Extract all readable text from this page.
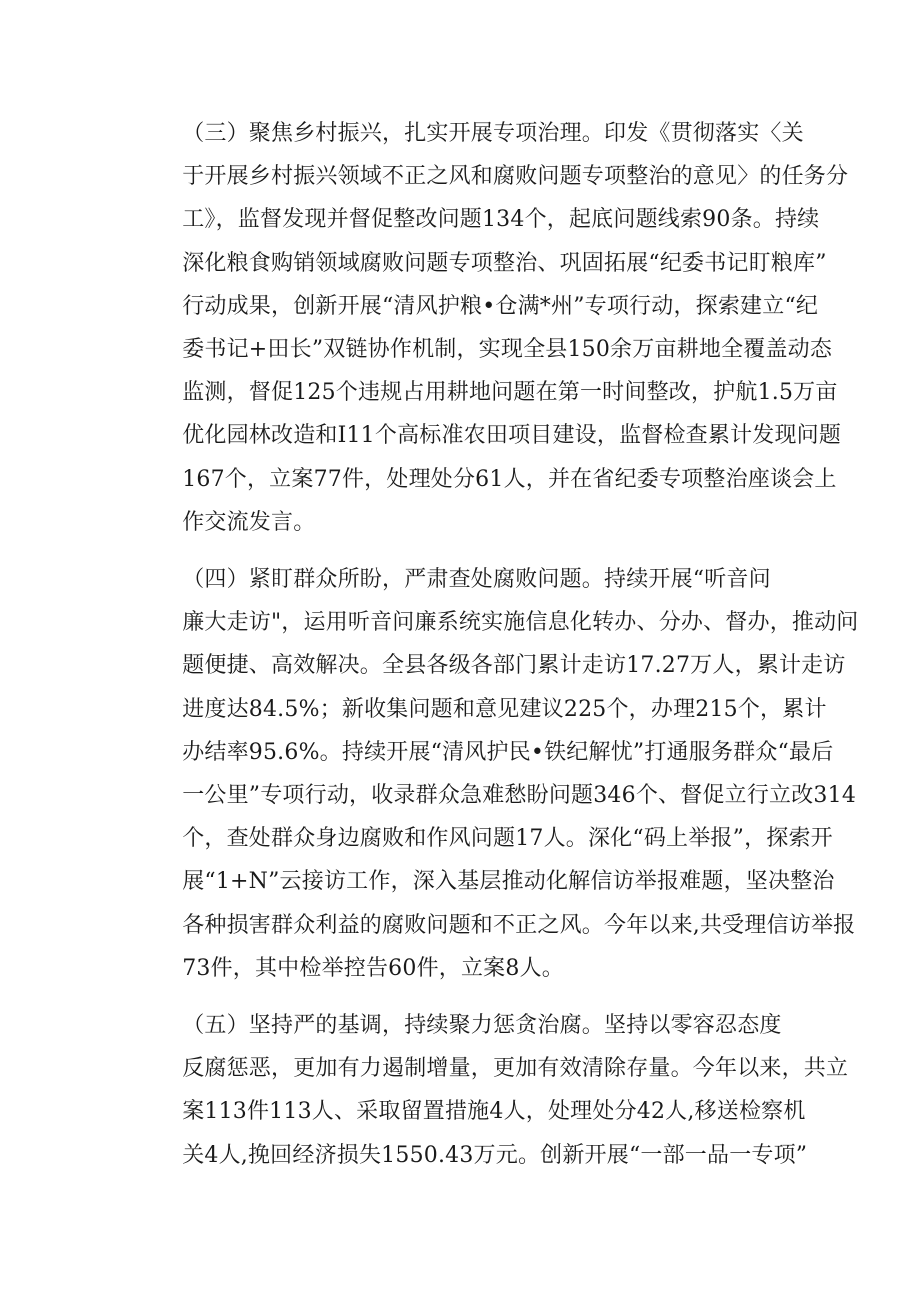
（三）聚焦乡村振兴，扎实开展专项治理。印发《贯彻落实〈关
于开展乡村振兴领域不正之风和腐败问题专项整治的意见〉的任务分
工》，监督发现并督促整改问题134个，起底问题线索90条。持续
深化粮食购销领域腐败问题专项整治、巩固拓展“纪委书记盯粮库”
行动成果，创新开展“清风护粮•仓满*州”专项行动，探索建立“纪
委书记+田长”双链协作机制，实现全县150余万亩耕地全覆盖动态
监测，督促125个违规占用耕地问题在第一时间整改，护航1.5万亩
优化园林改造和I11个高标准农田项目建设，监督检查累计发现问题
167个，立案77件，处理处分61人，并在省纪委专项整治座谈会上
作交流发言。
（四）紧盯群众所盼，严肃查处腐败问题。持续开展“听音问
廉大走访"，运用听音问廉系统实施信息化转办、分办、督办，推动问
题便捷、高效解决。全县各级各部门累计走访17.27万人，累计走访
进度达84.5%；新收集问题和意见建议225个，办理215个，累计
办结率95.6%。持续开展“清风护民•铁纪解忧”打通服务群众“最后
一公里”专项行动，收录群众急难愁盼问题346个、督促立行立改314
个，查处群众身边腐败和作风问题17人。深化“码上举报”，探索开
展“1+N”云接访工作，深入基层推动化解信访举报难题，坚决整治
各种损害群众利益的腐败问题和不正之风。今年以来,共受理信访举报
73件，其中检举控告60件，立案8人。
（五）坚持严的基调，持续聚力惩贪治腐。坚持以零容忍态度
反腐惩恶，更加有力遏制增量，更加有效清除存量。今年以来，共立
案113件113人、采取留置措施4人，处理处分42人,移送检察机
关4人,挽回经济损失1550.43万元。创新开展“一部一品一专项”
